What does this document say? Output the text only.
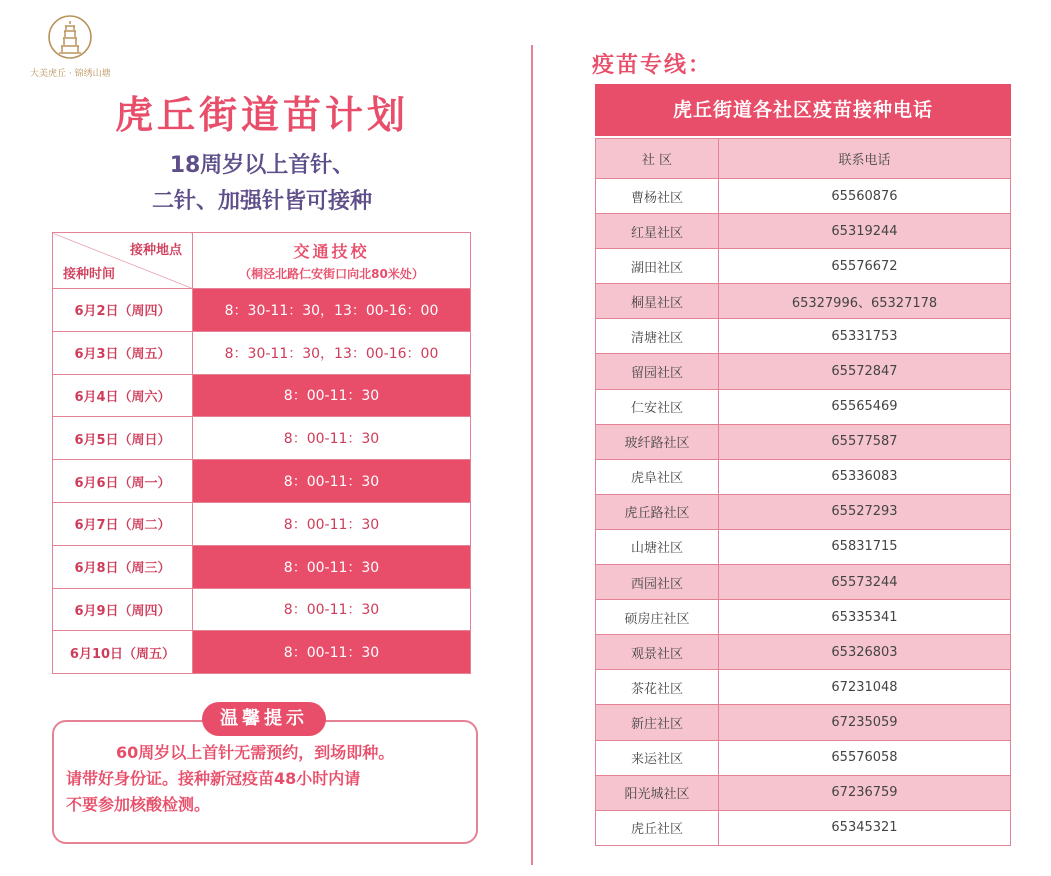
大美虎丘 · 锦绣山塘
虎丘街道苗计划
18周岁以上首针、
二针、加强针皆可接种
接种地点
接种时间	交通技校
（桐泾北路仁安街口向北80米处）

6月2日（周四）	8：30-11：30，13：00-16：00
6月3日（周五）	8：30-11：30，13：00-16：00
6月4日（周六）	8：00-11：30
6月5日（周日）	8：00-11：30
6月6日（周一）	8：00-11：30
6月7日（周二）	8：00-11：30
6月8日（周三）	8：00-11：30
6月9日（周四）	8：00-11：30
6月10日（周五）	8：00-11：30
温馨提示
60周岁以上首针无需预约，到场即种。
请带好身份证。接种新冠疫苗48小时内请
不要参加核酸检测。
疫苗专线：
虎丘街道各社区疫苗接种电话
社 区	联系电话
曹杨社区	65560876
红星社区	65319244
湖田社区	65576672
桐星社区	65327996、65327178
清塘社区	65331753
留园社区	65572847
仁安社区	65565469
玻纤路社区	65577587
虎阜社区	65336083
虎丘路社区	65527293
山塘社区	65831715
西园社区	65573244
硕房庄社区	65335341
观景社区	65326803
茶花社区	67231048
新庄社区	67235059
来运社区	65576058
阳光城社区	67236759
虎丘社区	65345321
